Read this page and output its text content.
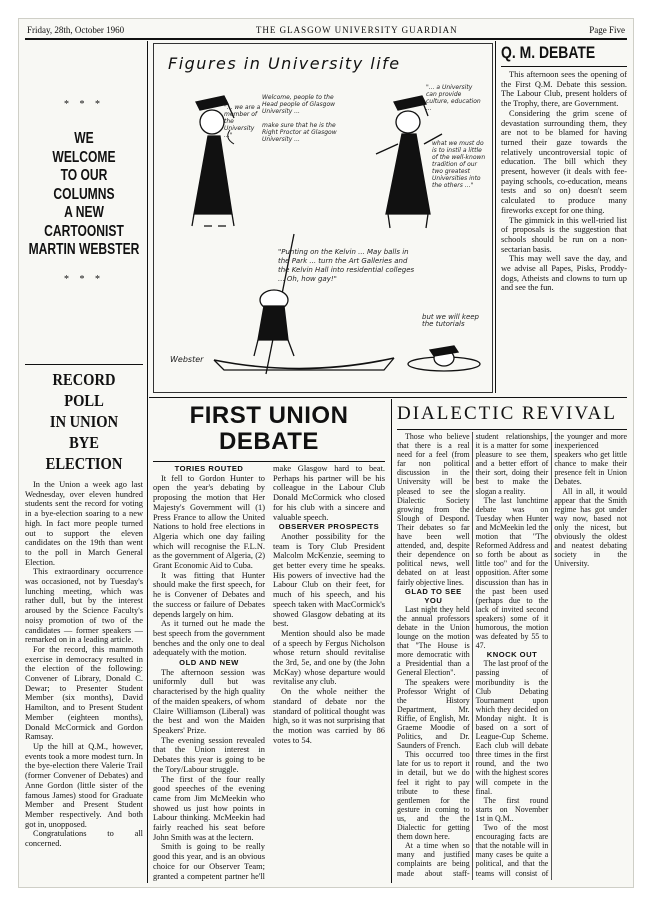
Friday, 28th, October 1960	THE GLASGOW UNIVERSITY GUARDIAN	Page Five
* * *
WE
WELCOME
TO OUR
COLUMNS
A NEW
CARTOONIST
MARTIN WEBSTER
* * *
RECORD POLL
IN UNION
BYE
ELECTION

In the Union a week ago last Wednesday, over eleven hundred students sent the record for voting in a bye-election soaring to a new high. In fact more people turned out to support the eleven candidates on the 19th than went to the poll in March General Election.

This extraordinary occurrence was occasioned, not by Tuesday's lunching meeting, which was rather dull, but by the interest aroused by the Science Faculty's noisy promotion of two of the candidates — former speakers — remarked on in a leading article.

For the record, this mammoth exercise in democracy resulted in the election of the following: Convener of Library, Donald C. Dewar; to Presenter Student Member (six months), David Hamilton, and to Present Student Member (eighteen months), Donald McCormick and Gordon Ramsay.

Up the hill at Q.M., however, events took a more modest turn. In the bye-election there Valerie Trail (former Convener of Debates) and Anne Gordon (little sister of the famous James) stood for Graduate Member and Present Student Member respectively. And both got in, unopposed.

Congratulations to all concerned.

Figures in University life
"... we are a member of the University ..."
Welcome, people to the Head people of Glasgow University ...
make sure that he is the Right Proctor at Glasgow University ...
"... a University can provide culture, education ...
what we must do is to instil a little of the well-known tradition of our two greatest Universities into the others ..."
"Punting on the Kelvin ... May balls in the Park ... turn the Art Galleries and the Kelvin Hall into residential colleges ... Oh, how gay!"
but we will keep the tutorials
Webster
Q. M. DEBATE

This afternoon sees the opening of the First Q.M. Debate this session. The Labour Club, present holders of the Trophy, there, are Government.

Considering the grim scene of devastation surrounding them, they are not to be blamed for having turned their gaze towards the relatively uncontroversial topic of education. The bill which they present, however (it deals with fee-paying schools, co-education, means tests and so on) doesn't seem calculated to produce many fireworks except for one thing.

The gimmick in this well-tried list of proposals is the suggestion that schools should be run on a non-sectarian basis.

This may well save the day, and we advise all Papes, Pisks, Proddy-dogs, Atheists and clowns to turn up and see the fun.

FIRST UNION
DEBATE

TORIES ROUTED

It fell to Gordon Hunter to open the year's debating by proposing the motion that Her Majesty's Government will (1) Press France to allow the United Nations to hold free elections in Algeria which one day failing which will recognise the F.L.N. as the government of Algeria, (2) Grant Economic Aid to Cuba.

It was fitting that Hunter should make the first speech, for he is Convener of Debates and the success or failure of Debates depends largely on him.

As it turned out he made the best speech from the government benches and the only one to deal adequately with the motion.

OLD AND NEW

The afternoon session was uniformly dull but was characterised by the high quality of the maiden speakers, of whom Claire Williamson (Liberal) was the best and won the Maiden Speakers' Prize.

The evening session revealed that the Union interest in Debates this year is going to be the Tory/Labour struggle.

The first of the four really good speeches of the evening came from Jim McMeekin who showed us just how points in Labour thinking. McMeekin had fairly reached his seat before John Smith was at the lectern.

Smith is going to be really good this year, and is an obvious choice for our Observer Team; granted a competent partner he'll make Glasgow hard to beat. Perhaps his partner will be his colleague in the Labour Club Donald McCormick who closed for his club with a sincere and valuable speech.

OBSERVER PROSPECTS

Another possibility for the team is Tory Club President Malcolm McKenzie, seeming to get better every time he speaks. His powers of invective had the Labour Club on their feet, for much of his speech, and his speech taken with MacCormick's showed Glasgow debating at its best.

Mention should also be made of a speech by Fergus Nicholson whose return should revitalise the 3rd, 5e, and one by (the John McKay) whose departure would revitalise any club.

On the whole neither the standard of debate nor the standard of political thought was high, so it was not surprising that the motion was carried by 86 votes to 54.

DIALECTIC REVIVAL

Those who believe that there is a real need for a feel (from far non political discussion in the University will be pleased to see the Dialectic Society growing from the Slough of Despond. Their debates so far have been well attended, and, despite their dependence on political news, well debated on at least fairly objective lines.

GLAD TO SEE YOU

Last night they held the annual professors debate in the Union lounge on the motion that "The House is more democratic with a Presidential than a General Election".

The speakers were Professor Wright of the History Department, Mr. Riffie, of English, Mr. Graeme Moodie of Politics, and Dr. Saunders of French.

This occurred too late for us to report it in detail, but we do feel it right to pay tribute to these gentlemen for the gesture in coming to us, and the the Dialectic for getting them down here.

At a time when so many and justified complaints are being made about staff-student relationships, it is a matter for some pleasure to see them, and a better effort of their sort, doing their best to make the slogan a reality.

The last lunchtime debate was on Tuesday when Hunter and McMeekin led the motion that "The Reformed Address and so forth be about as little too" and for the opposition. After some discussion than has in the past been used (perhaps due to the lack of invited second speakers) some of it humorous, the motion was defeated by 55 to 47.

KNOCK OUT

The last proof of the passing of moribundity is the Club Debating Tournament upon which they decided on Monday night. It is based on a sort of League-Cup Scheme. Each club will debate three times in the first round, and the two with the highest scores will compete in the final.

The first round starts on November 1st in Q.M..

Two of the most encouraging facts are that the notable will in many cases be quite a political, and that the teams will consist of the younger and more inexperienced speakers who get little chance to make their presence felt in Union Debates.

All in all, it would appear that the Smith regime has got under way now, based not only the nicest, but obviously the oldest and neatest debating society in the University.
